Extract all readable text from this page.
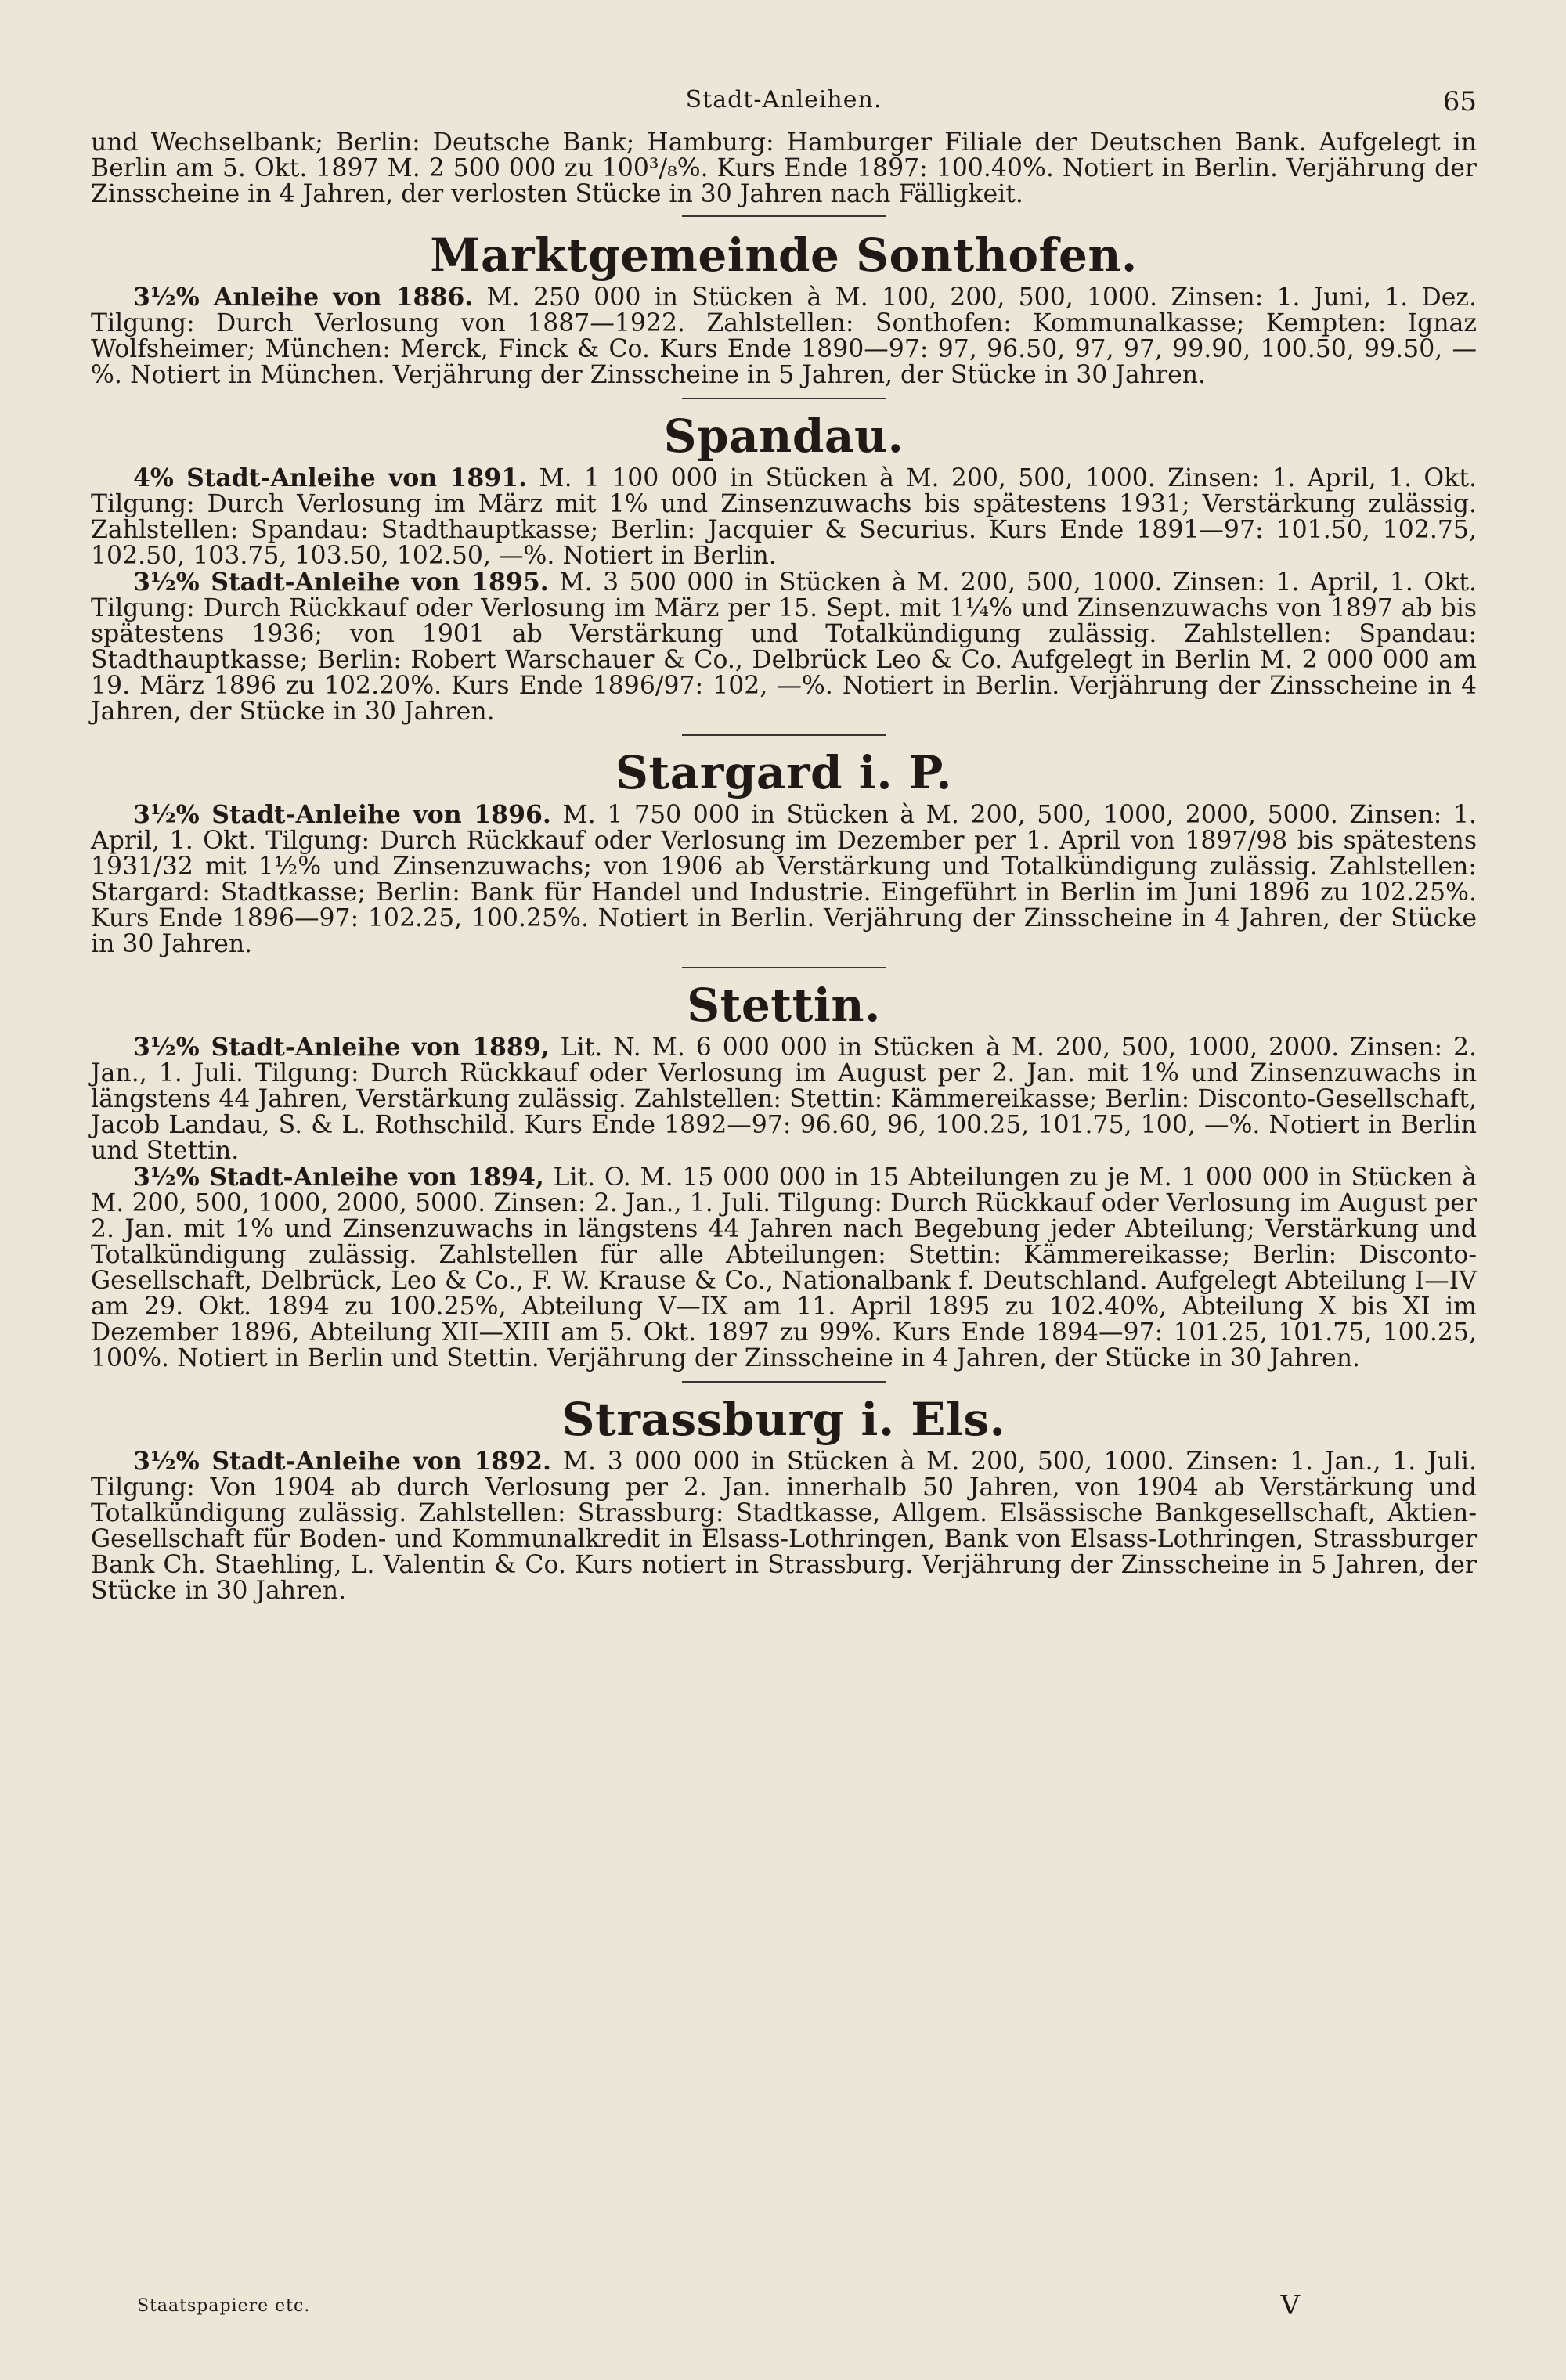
Stadt-Anleihen.	65

und Wechselbank; Berlin: Deutsche Bank; Hamburg: Hamburger Filiale der Deutschen Bank. Aufgelegt in Berlin am 5. Okt. 1897 M. 2 500 000 zu 100³/₈%. Kurs Ende 1897: 100.40%. Notiert in Berlin. Verjährung der Zinsscheine in 4 Jahren, der verlosten Stücke in 30 Jahren nach Fälligkeit.

Marktgemeinde Sonthofen.

3½% Anleihe von 1886. M. 250 000 in Stücken à M. 100, 200, 500, 1000. Zinsen: 1. Juni, 1. Dez. Tilgung: Durch Verlosung von 1887—1922. Zahlstellen: Sonthofen: Kommunalkasse; Kempten: Ignaz Wolfsheimer; München: Merck, Finck & Co. Kurs Ende 1890—97: 97, 96.50, 97, 97, 99.90, 100.50, 99.50, —%. Notiert in München. Verjährung der Zinsscheine in 5 Jahren, der Stücke in 30 Jahren.

Spandau.

4% Stadt-Anleihe von 1891. M. 1 100 000 in Stücken à M. 200, 500, 1000. Zinsen: 1. April, 1. Okt. Tilgung: Durch Verlosung im März mit 1% und Zinsenzuwachs bis spätestens 1931; Verstärkung zulässig. Zahlstellen: Spandau: Stadthauptkasse; Berlin: Jacquier & Securius. Kurs Ende 1891—97: 101.50, 102.75, 102.50, 103.75, 103.50, 102.50, —%. Notiert in Berlin.

3½% Stadt-Anleihe von 1895. M. 3 500 000 in Stücken à M. 200, 500, 1000. Zinsen: 1. April, 1. Okt. Tilgung: Durch Rückkauf oder Verlosung im März per 15. Sept. mit 1¼% und Zinsenzuwachs von 1897 ab bis spätestens 1936; von 1901 ab Verstärkung und Totalkündigung zulässig. Zahlstellen: Spandau: Stadthauptkasse; Berlin: Robert Warschauer & Co., Delbrück Leo & Co. Aufgelegt in Berlin M. 2 000 000 am 19. März 1896 zu 102.20%. Kurs Ende 1896/97: 102, —%. Notiert in Berlin. Verjährung der Zinsscheine in 4 Jahren, der Stücke in 30 Jahren.

Stargard i. P.

3½% Stadt-Anleihe von 1896. M. 1 750 000 in Stücken à M. 200, 500, 1000, 2000, 5000. Zinsen: 1. April, 1. Okt. Tilgung: Durch Rückkauf oder Verlosung im Dezember per 1. April von 1897/98 bis spätestens 1931/32 mit 1½% und Zinsenzuwachs; von 1906 ab Verstärkung und Totalkündigung zulässig. Zahlstellen: Stargard: Stadtkasse; Berlin: Bank für Handel und Industrie. Eingeführt in Berlin im Juni 1896 zu 102.25%. Kurs Ende 1896—97: 102.25, 100.25%. Notiert in Berlin. Verjährung der Zinsscheine in 4 Jahren, der Stücke in 30 Jahren.

Stettin.

3½% Stadt-Anleihe von 1889, Lit. N. M. 6 000 000 in Stücken à M. 200, 500, 1000, 2000. Zinsen: 2. Jan., 1. Juli. Tilgung: Durch Rückkauf oder Verlosung im August per 2. Jan. mit 1% und Zinsenzuwachs in längstens 44 Jahren, Verstärkung zulässig. Zahlstellen: Stettin: Kämmereikasse; Berlin: Disconto-Gesellschaft, Jacob Landau, S. & L. Rothschild. Kurs Ende 1892—97: 96.60, 96, 100.25, 101.75, 100, —%. Notiert in Berlin und Stettin.

3½% Stadt-Anleihe von 1894, Lit. O. M. 15 000 000 in 15 Abteilungen zu je M. 1 000 000 in Stücken à M. 200, 500, 1000, 2000, 5000. Zinsen: 2. Jan., 1. Juli. Tilgung: Durch Rückkauf oder Verlosung im August per 2. Jan. mit 1% und Zinsenzuwachs in längstens 44 Jahren nach Begebung jeder Abteilung; Verstärkung und Totalkündigung zulässig. Zahlstellen für alle Abteilungen: Stettin: Kämmereikasse; Berlin: Disconto-Gesellschaft, Delbrück, Leo & Co., F. W. Krause & Co., Nationalbank f. Deutschland. Aufgelegt Abteilung I—IV am 29. Okt. 1894 zu 100.25%, Abteilung V—IX am 11. April 1895 zu 102.40%, Abteilung X bis XI im Dezember 1896, Abteilung XII—XIII am 5. Okt. 1897 zu 99%. Kurs Ende 1894—97: 101.25, 101.75, 100.25, 100%. Notiert in Berlin und Stettin. Verjährung der Zinsscheine in 4 Jahren, der Stücke in 30 Jahren.

Strassburg i. Els.

3½% Stadt-Anleihe von 1892. M. 3 000 000 in Stücken à M. 200, 500, 1000. Zinsen: 1. Jan., 1. Juli. Tilgung: Von 1904 ab durch Verlosung per 2. Jan. innerhalb 50 Jahren, von 1904 ab Verstärkung und Totalkündigung zulässig. Zahlstellen: Strassburg: Stadtkasse, Allgem. Elsässische Bankgesellschaft, Aktien-Gesellschaft für Boden- und Kommunalkredit in Elsass-Lothringen, Bank von Elsass-Lothringen, Strassburger Bank Ch. Staehling, L. Valentin & Co. Kurs notiert in Strassburg. Verjährung der Zinsscheine in 5 Jahren, der Stücke in 30 Jahren.

Staatspapiere etc.	V
